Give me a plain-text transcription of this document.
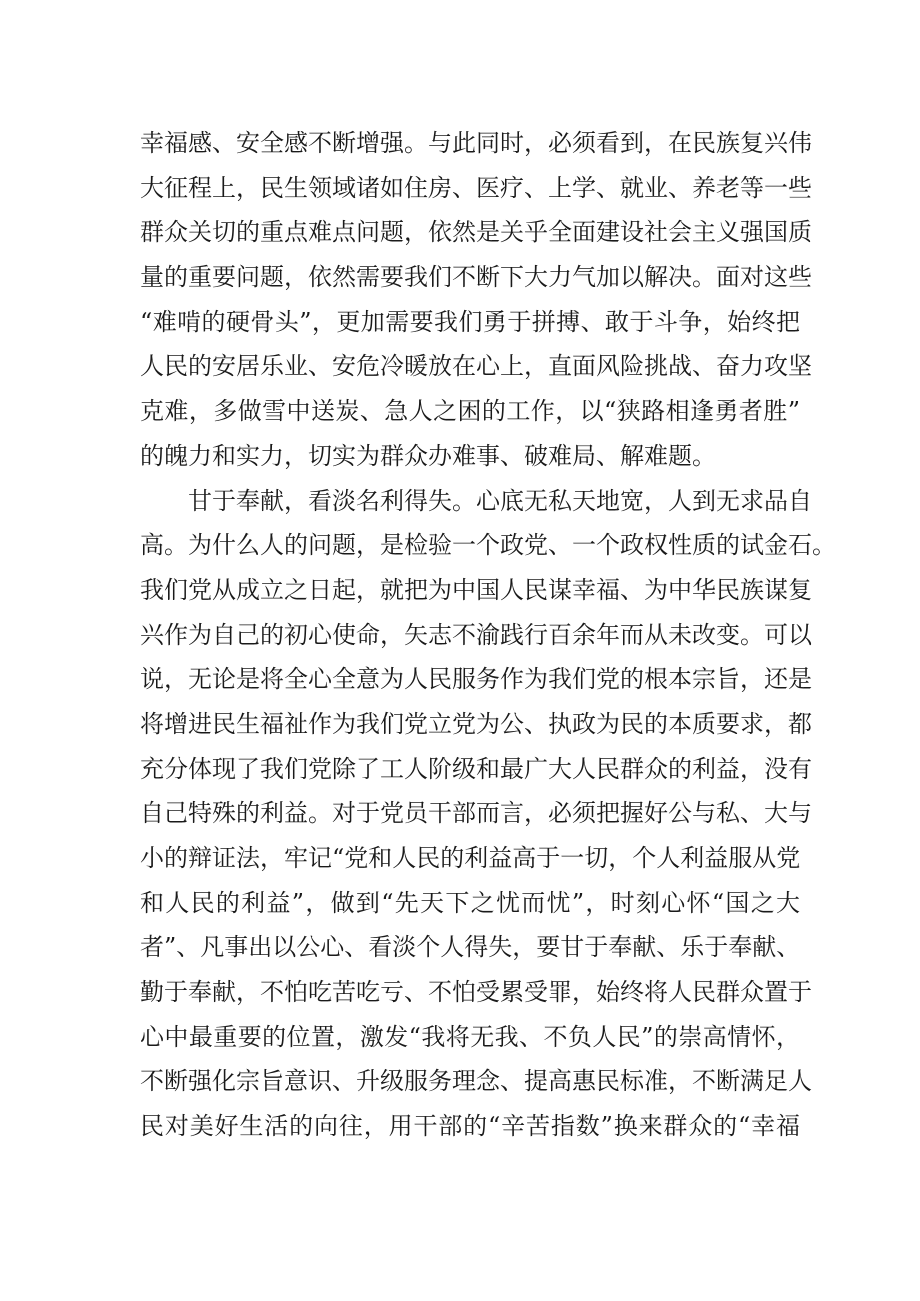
幸福感、安全感不断增强。与此同时，必须看到，在民族复兴伟
大征程上，民生领域诸如住房、医疗、上学、就业、养老等一些
群众关切的重点难点问题，依然是关乎全面建设社会主义强国质
量的重要问题，依然需要我们不断下大力气加以解决。面对这些
“难啃的硬骨头”，更加需要我们勇于拼搏、敢于斗争，始终把
人民的安居乐业、安危冷暖放在心上，直面风险挑战、奋力攻坚
克难，多做雪中送炭、急人之困的工作，以“狭路相逢勇者胜”
的魄力和实力，切实为群众办难事、破难局、解难题。
甘于奉献，看淡名利得失。心底无私天地宽，人到无求品自
高。为什么人的问题，是检验一个政党、一个政权性质的试金石。
我们党从成立之日起，就把为中国人民谋幸福、为中华民族谋复
兴作为自己的初心使命，矢志不渝践行百余年而从未改变。可以
说，无论是将全心全意为人民服务作为我们党的根本宗旨，还是
将增进民生福祉作为我们党立党为公、执政为民的本质要求，都
充分体现了我们党除了工人阶级和最广大人民群众的利益，没有
自己特殊的利益。对于党员干部而言，必须把握好公与私、大与
小的辩证法，牢记“党和人民的利益高于一切，个人利益服从党
和人民的利益”，做到“先天下之忧而忧”，时刻心怀“国之大
者”、凡事出以公心、看淡个人得失，要甘于奉献、乐于奉献、
勤于奉献，不怕吃苦吃亏、不怕受累受罪，始终将人民群众置于
心中最重要的位置，激发“我将无我、不负人民”的崇高情怀，
不断强化宗旨意识、升级服务理念、提高惠民标准，不断满足人
民对美好生活的向往，用干部的“辛苦指数”换来群众的“幸福
